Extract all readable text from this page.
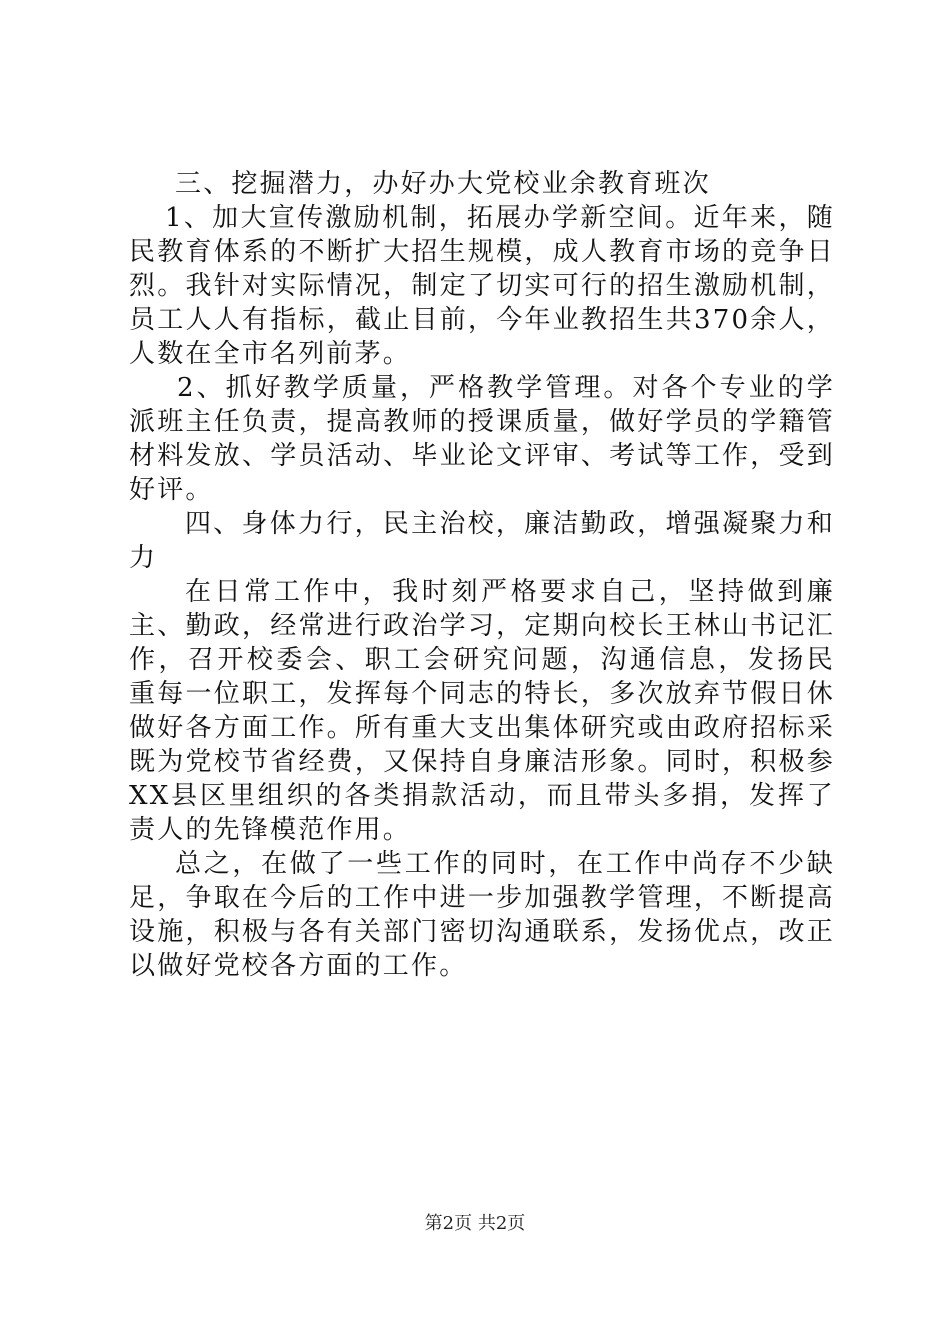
三、挖掘潜力，办好办大党校业余教育班次
1、加大宣传激励机制，拓展办学新空间。近年来，随
民教育体系的不断扩大招生规模，成人教育市场的竞争日
烈。我针对实际情况，制定了切实可行的招生激励机制，
员工人人有指标，截止目前，今年业教招生共370余人，
人数在全市名列前茅。
2、抓好教学质量，严格教学管理。对各个专业的学
派班主任负责，提高教师的授课质量，做好学员的学籍管
材料发放、学员活动、毕业论文评审、考试等工作，受到
好评。
四、身体力行，民主治校，廉洁勤政，增强凝聚力和
力
在日常工作中，我时刻严格要求自己，坚持做到廉
主、勤政，经常进行政治学习，定期向校长王林山书记汇
作，召开校委会、职工会研究问题，沟通信息，发扬民
重每一位职工，发挥每个同志的特长，多次放弃节假日休
做好各方面工作。所有重大支出集体研究或由政府招标采
既为党校节省经费，又保持自身廉洁形象。同时，积极参
XX县区里组织的各类捐款活动，而且带头多捐，发挥了
责人的先锋模范作用。
总之，在做了一些工作的同时，在工作中尚存不少缺
足，争取在今后的工作中进一步加强教学管理，不断提高
设施，积极与各有关部门密切沟通联系，发扬优点，改正
以做好党校各方面的工作。
第2页 共2页
